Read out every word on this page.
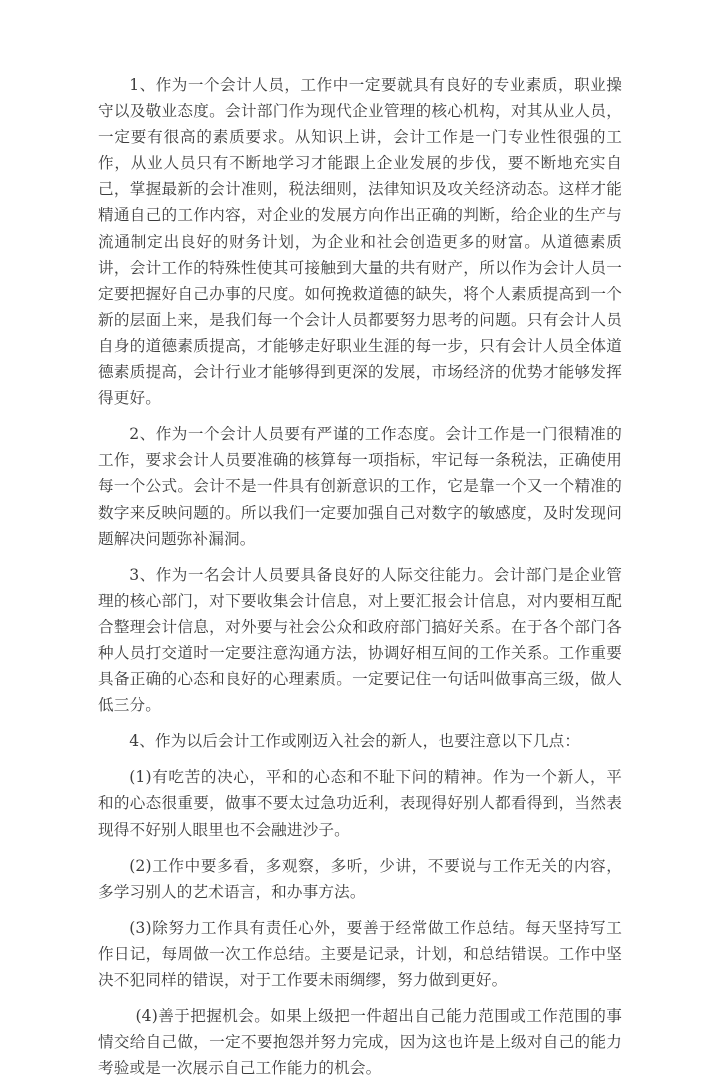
1、作为一个会计人员，工作中一定要就具有良好的专业素质，职业操守以及敬业态度。会计部门作为现代企业管理的核心机构，对其从业人员，一定要有很高的素质要求。从知识上讲，会计工作是一门专业性很强的工作，从业人员只有不断地学习才能跟上企业发展的步伐，要不断地充实自己，掌握最新的会计准则，税法细则，法律知识及攻关经济动态。这样才能精通自己的工作内容，对企业的发展方向作出正确的判断，给企业的生产与流通制定出良好的财务计划，为企业和社会创造更多的财富。从道德素质讲，会计工作的特殊性使其可接触到大量的共有财产，所以作为会计人员一定要把握好自己办事的尺度。如何挽救道德的缺失，将个人素质提高到一个新的层面上来，是我们每一个会计人员都要努力思考的问题。只有会计人员自身的道德素质提高，才能够走好职业生涯的每一步，只有会计人员全体道德素质提高，会计行业才能够得到更深的发展，市场经济的优势才能够发挥得更好。

2、作为一个会计人员要有严谨的工作态度。会计工作是一门很精准的工作，要求会计人员要准确的核算每一项指标，牢记每一条税法，正确使用每一个公式。会计不是一件具有创新意识的工作，它是靠一个又一个精准的数字来反映问题的。所以我们一定要加强自己对数字的敏感度，及时发现问题解决问题弥补漏洞。

3、作为一名会计人员要具备良好的人际交往能力。会计部门是企业管理的核心部门，对下要收集会计信息，对上要汇报会计信息，对内要相互配合整理会计信息，对外要与社会公众和政府部门搞好关系。在于各个部门各种人员打交道时一定要注意沟通方法，协调好相互间的工作关系。工作重要具备正确的心态和良好的心理素质。一定要记住一句话叫做事高三级，做人低三分。

4、作为以后会计工作或刚迈入社会的新人，也要注意以下几点：

(1)有吃苦的决心，平和的心态和不耻下问的精神。作为一个新人，平和的心态很重要，做事不要太过急功近利，表现得好别人都看得到，当然表现得不好别人眼里也不会融进沙子。

(2)工作中要多看，多观察，多听，少讲，不要说与工作无关的内容，多学习别人的艺术语言，和办事方法。

(3)除努力工作具有责任心外，要善于经常做工作总结。每天坚持写工作日记，每周做一次工作总结。主要是记录，计划，和总结错误。工作中坚决不犯同样的错误，对于工作要未雨绸缪，努力做到更好。

(4)善于把握机会。如果上级把一件超出自己能力范围或工作范围的事情交给自己做，一定不要抱怨并努力完成，因为这也许是上级对自己的能力考验或是一次展示自己工作能力的机会。
